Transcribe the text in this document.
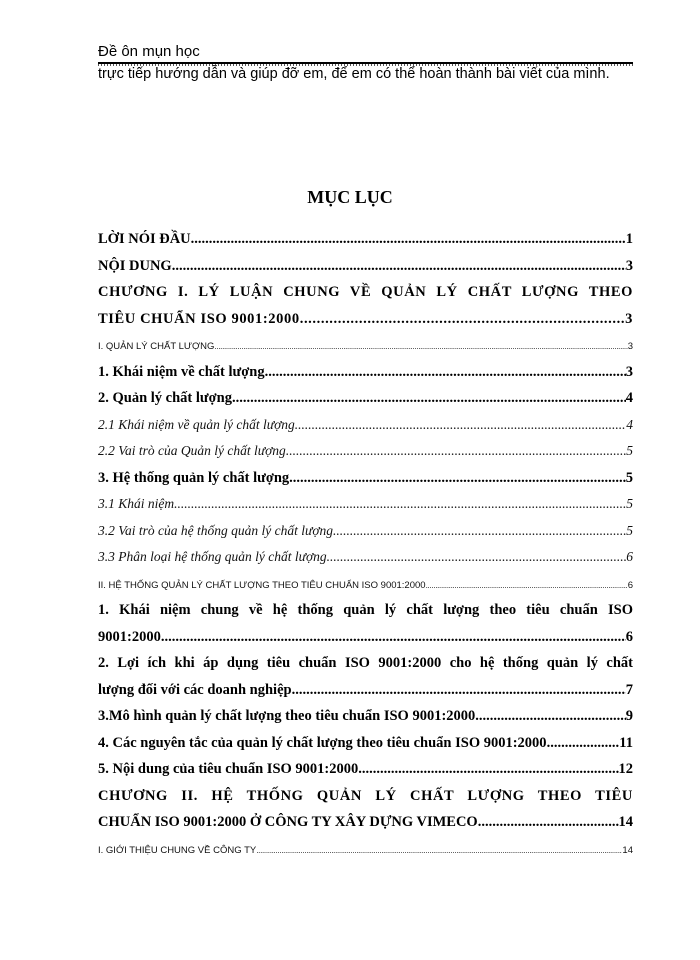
Đề ôn mụn học
trực tiếp hướng dẫn và giúp đỡ em, để em có thể hoàn thành bài viết của mình.
MỤC LỤC
LỜI NÓI ĐẦU .....	1
NỘI DUNG .....	3
CHƯƠNG I. LÝ LUẬN CHUNG VỀ QUẢN LÝ CHẤT LƯỢNG THEO
TIÊU CHUẨN ISO 9001:2000 .....	3
I. QUẢN LÝ CHẤT LƯỢNG .....	3
1. Khái niệm về chất lượng .....	3
2. Quản lý chất lượng .....	4
2.1 Khái niệm về quản lý chất lượng .....	4
2.2 Vai trò của Quản lý chất lượng .....	5
3. Hệ thống quản lý chất lượng .....	5
3.1 Khái niệm .....	5
3.2 Vai trò của hệ thống quản lý chất lượng .....	5
3.3 Phân loại hệ thống quản lý chất lượng .....	6
II. HỆ THỐNG QUẢN LÝ CHẤT LƯỢNG THEO TIÊU CHUẨN ISO 9001:2000 .....	6
1. Khái niệm chung về hệ thống quản lý chất lượng theo tiêu chuẩn ISO
9001:2000 .....	6
2. Lợi ích khi áp dụng tiêu chuẩn ISO 9001:2000 cho hệ thống quản lý chất
lượng đối với các doanh nghiệp .....	7
3.Mô hình quản lý chất lượng theo tiêu chuẩn ISO 9001:2000 .....	9
4. Các nguyên tắc của quản lý chất lượng theo tiêu chuẩn ISO 9001:2000 .....	11
5. Nội dung của tiêu chuẩn ISO 9001:2000. .....	12
CHƯƠNG II. HỆ THỐNG QUẢN LÝ CHẤT LƯỢNG THEO TIÊU
CHUẨN ISO 9001:2000 Ở CÔNG TY XÂY DỰNG VIMECO .....	14
I. GIỚI THIỆU CHUNG VỀ CÔNG TY .....	14
